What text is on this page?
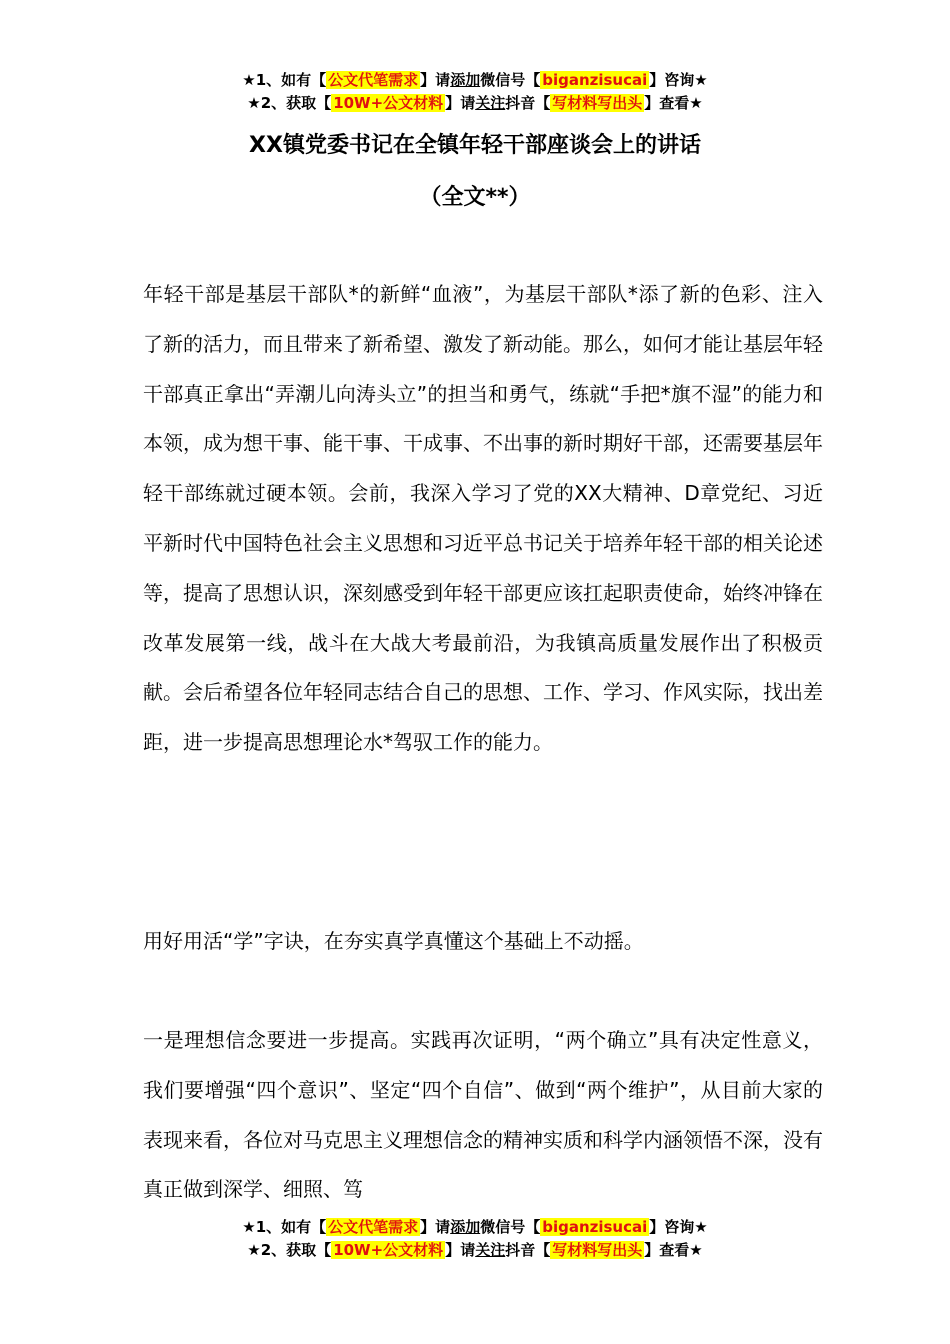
★1、如有【 公文代笔需求 】请添加微信号【 biganzisucai 】咨询★
★2、获取【 10W+公文材料 】请关注抖音【 写材料写出头 】查看★
XX镇党委书记在全镇年轻干部座谈会上的讲话
（全文**）

年轻干部是基层干部队*的新鲜“血液”，为基层干部队*添了新的色彩、注入了新的活力，而且带来了新希望、激发了新动能。那么，如何才能让基层年轻干部真正拿出“弄潮儿向涛头立”的担当和勇气，练就“手把*旗不湿”的能力和本领，成为想干事、能干事、干成事、不出事的新时期好干部，还需要基层年轻干部练就过硬本领。会前，我深入学习了党的XX大精神、D章党纪、习近平新时代中国特色社会主义思想和习近平总书记关于培养年轻干部的相关论述等，提高了思想认识，深刻感受到年轻干部更应该扛起职责使命，始终冲锋在改革发展第一线，战斗在大战大考最前沿，为我镇高质量发展作出了积极贡献。会后希望各位年轻同志结合自己的思想、工作、学习、作风实际，找出差距，进一步提高思想理论水*驾驭工作的能力。

用好用活“学”字诀，在夯实真学真懂这个基础上不动摇。

一是理想信念要进一步提高。实践再次证明，“两个确立”具有决定性意义，我们要增强“四个意识”、坚定“四个自信”、做到“两个维护”，从目前大家的表现来看，各位对马克思主义理想信念的精神实质和科学内涵领悟不深，没有真正做到深学、细照、笃

★1、如有【 公文代笔需求 】请添加微信号【 biganzisucai 】咨询★
★2、获取【 10W+公文材料 】请关注抖音【 写材料写出头 】查看★
